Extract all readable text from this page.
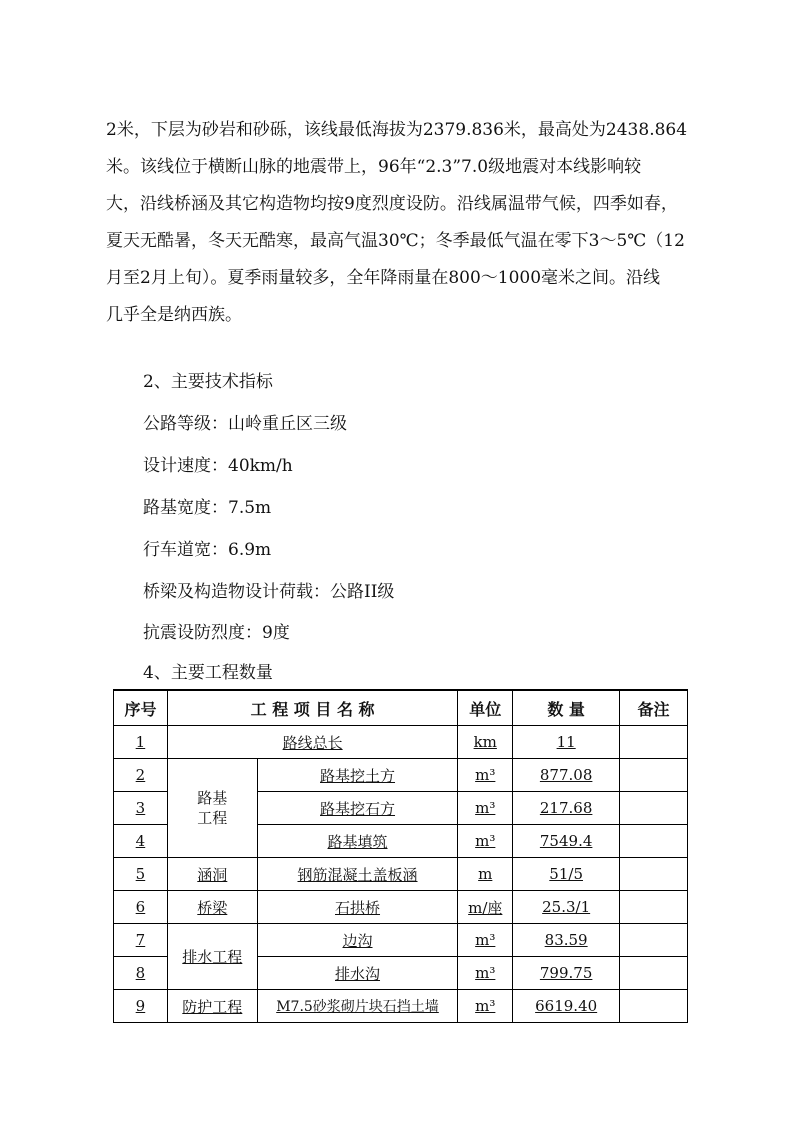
2米，下层为砂岩和砂砾，该线最低海拔为2379.836米，最高处为2438.864
米。该线位于横断山脉的地震带上，96年“2.3”7.0级地震对本线影响较
大，沿线桥涵及其它构造物均按9度烈度设防。沿线属温带气候，四季如春，
夏天无酷暑，冬天无酷寒，最高气温30℃；冬季最低气温在零下3～5℃（12
月至2月上旬）。夏季雨量较多，全年降雨量在800～1000毫米之间。沿线
几乎全是纳西族。
2、主要技术指标
公路等级：山岭重丘区三级
设计速度：40km/h
路基宽度：7.5m
行车道宽：6.9m
桥梁及构造物设计荷载：公路II级
抗震设防烈度：9度
4、主要工程数量
序号	工 程 项 目 名 称		单位	数 量	备注
1	路线总长		km	11	
2	路基工程	路基挖土方	m³	877.08	
3		路基挖石方	m³	217.68	
4		路基填筑	m³	7549.4	
5	涵洞	钢筋混凝土盖板涵	m	51/5	
6	桥梁	石拱桥	m/座	25.3/1	
7	排水工程	边沟	m³	83.59	
8		排水沟	m³	799.75	
9	防护工程	M7.5砂浆砌片块石挡土墙	m³	6619.40	
